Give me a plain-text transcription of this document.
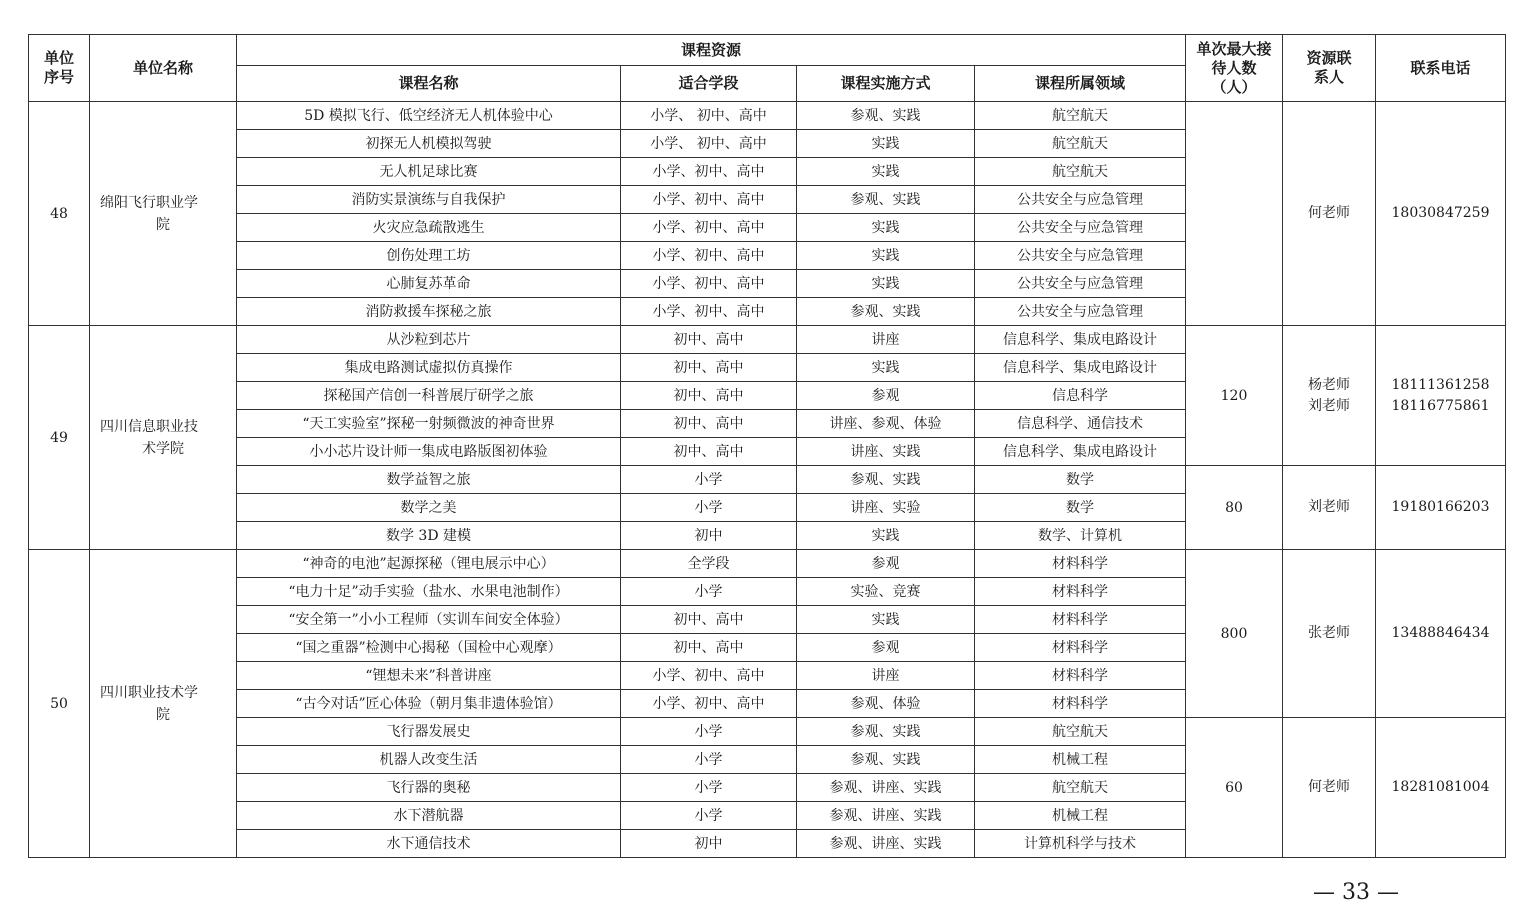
单位序号	单位名称	课程资源				单次最大接待人数（人）	资源联系人	联系电话
		课程名称	适合学段	课程实施方式	课程所属领域			
48	绵阳飞行职业学
院	5D 模拟飞行、低空经济无人机体验中心	小学、 初中、高中	参观、实践	航空航天		何老师	18030847259

		初探无人机模拟驾驶	小学、 初中、高中	实践	航空航天			
		无人机足球比赛	小学、初中、高中	实践	航空航天			
		消防实景演练与自我保护	小学、初中、高中	参观、实践	公共安全与应急管理			
		火灾应急疏散逃生	小学、初中、高中	实践	公共安全与应急管理			
		创伤处理工坊	小学、初中、高中	实践	公共安全与应急管理			
		心肺复苏革命	小学、初中、高中	实践	公共安全与应急管理			
		消防救援车探秘之旅	小学、初中、高中	参观、实践	公共安全与应急管理			
49	四川信息职业技
术学院	从沙粒到芯片	初中、高中	讲座	信息科学、集成电路设计	120	杨老师
刘老师	18111361258
18116775861

		集成电路测试虚拟仿真操作	初中、高中	实践	信息科学、集成电路设计			
		探秘国产信创一科普展厅研学之旅	初中、高中	参观	信息科学			
		“天工实验室”探秘一射频微波的神奇世界	初中、高中	讲座、参观、体验	信息科学、通信技术			
		小小芯片设计师一集成电路版图初体验	初中、高中	讲座、实践	信息科学、集成电路设计			
		数学益智之旅	小学	参观、实践	数学	80	刘老师	19180166203

		数学之美	小学	讲座、实验	数学			
		数学 3D 建模	初中	实践	数学、计算机			
50	四川职业技术学
院	“神奇的电池”起源探秘（锂电展示中心）	全学段	参观	材料科学	800	张老师	13488846434

		“电力十足”动手实验（盐水、水果电池制作）	小学	实验、竞赛	材料科学			
		“安全第一”小小工程师（实训车间安全体验）	初中、高中	实践	材料科学			
		“国之重器”检测中心揭秘（国检中心观摩）	初中、高中	参观	材料科学			
		“锂想未来”科普讲座	小学、初中、高中	讲座	材料科学			
		“古今对话”匠心体验（朝月集非遗体验馆）	小学、初中、高中	参观、体验	材料科学			
		飞行器发展史	小学	参观、实践	航空航天	60	何老师	18281081004

		机器人改变生活	小学	参观、实践	机械工程			
		飞行器的奥秘	小学	参观、讲座、实践	航空航天			
		水下潜航器	小学	参观、讲座、实践	机械工程			
		水下通信技术	初中	参观、讲座、实践	计算机科学与技术			
— 33 —
